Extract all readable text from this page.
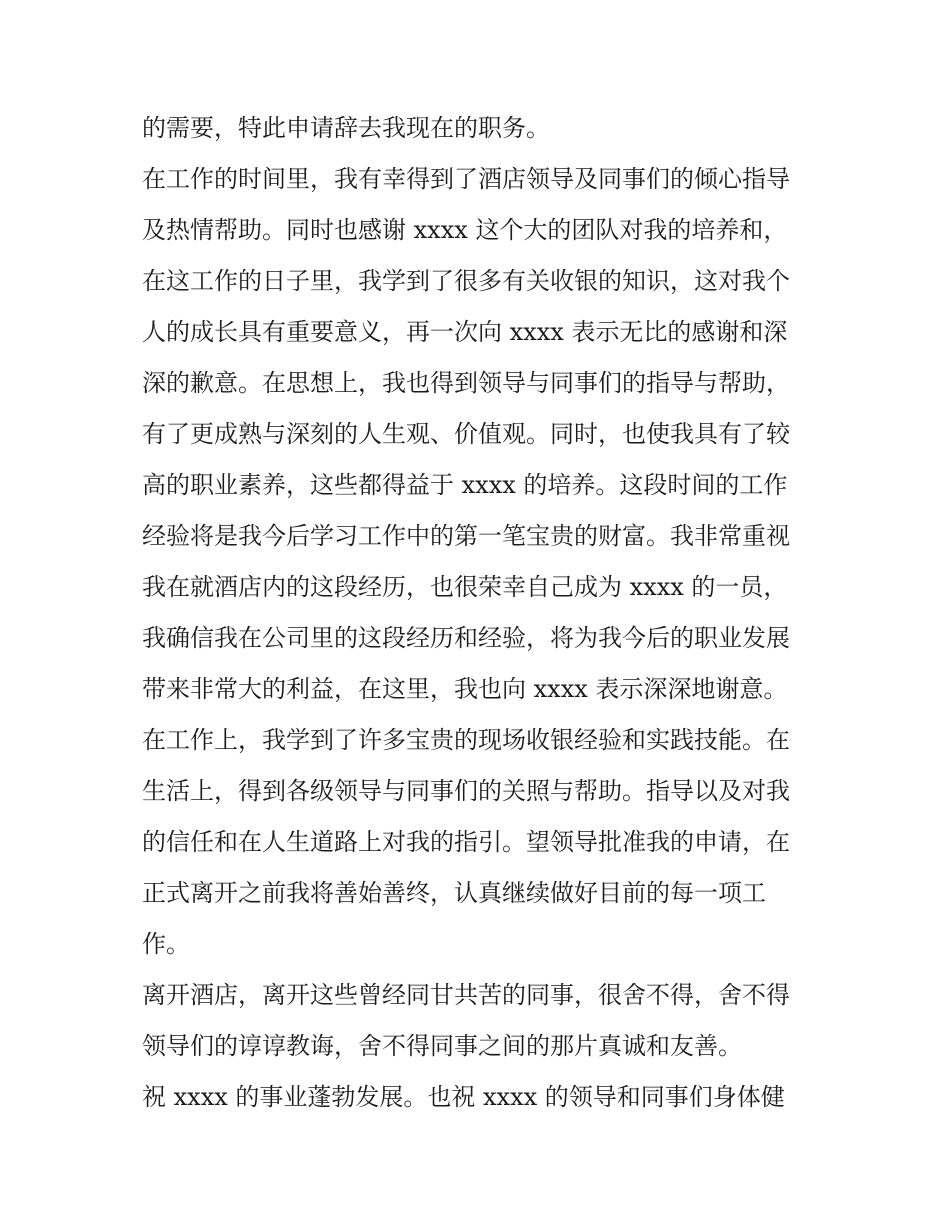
的需要，特此申请辞去我现在的职务。
在工作的时间里，我有幸得到了酒店领导及同事们的倾心指导
及热情帮助。同时也感谢 xxxx 这个大的团队对我的培养和，
在这工作的日子里，我学到了很多有关收银的知识，这对我个
人的成长具有重要意义，再一次向 xxxx 表示无比的感谢和深
深的歉意。在思想上，我也得到领导与同事们的指导与帮助，
有了更成熟与深刻的人生观、价值观。同时，也使我具有了较
高的职业素养，这些都得益于 xxxx 的培养。这段时间的工作
经验将是我今后学习工作中的第一笔宝贵的财富。我非常重视
我在就酒店内的这段经历，也很荣幸自己成为 xxxx 的一员，
我确信我在公司里的这段经历和经验，将为我今后的职业发展
带来非常大的利益，在这里，我也向 xxxx 表示深深地谢意。
在工作上，我学到了许多宝贵的现场收银经验和实践技能。在
生活上，得到各级领导与同事们的关照与帮助。指导以及对我
的信任和在人生道路上对我的指引。望领导批准我的申请，在
正式离开之前我将善始善终，认真继续做好目前的每一项工
作。
离开酒店，离开这些曾经同甘共苦的同事，很舍不得，舍不得
领导们的谆谆教诲，舍不得同事之间的那片真诚和友善。
祝 xxxx 的事业蓬勃发展。也祝 xxxx 的领导和同事们身体健
